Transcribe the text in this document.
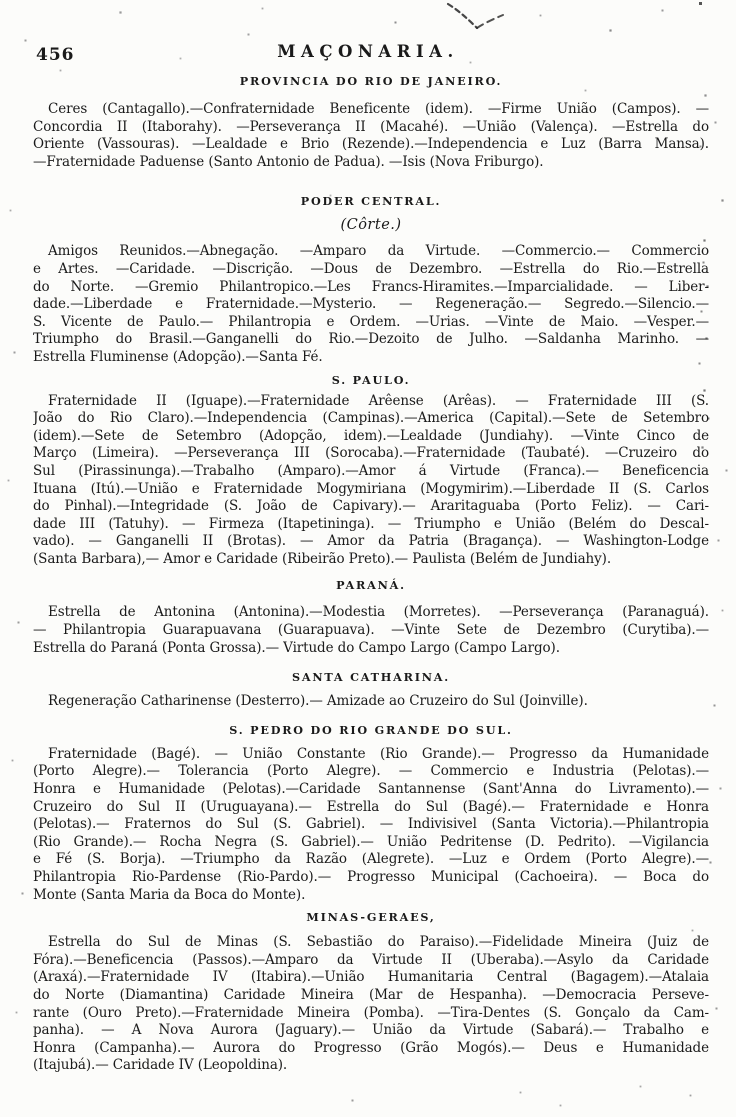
456	MAÇONARIA.
PROVINCIA DO RIO DE JANEIRO.
Ceres (Cantagallo).—Confraternidade Beneficente (idem). —Firme União (Campos). —
Concordia II (Itaborahy). —Perseverança II (Macahé). —União (Valença). —Estrella do
Oriente (Vassouras). —Lealdade e Brio (Rezende).—Independencia e Luz (Barra Mansa).
—Fraternidade Paduense (Santo Antonio de Padua). —Isis (Nova Friburgo).
PODER CENTRAL.
(Côrte.)
Amigos Reunidos.—Abnegação. —Amparo da Virtude. —Commercio.— Commercio
e Artes. —Caridade. —Discrição. —Dous de Dezembro. —Estrella do Rio.—Estrella
do Norte. —Gremio Philantropico.—Les Francs-Hiramites.—Imparcialidade. — Liber-
dade.—Liberdade e Fraternidade.—Mysterio. — Regeneração.— Segredo.—Silencio.—
S. Vicente de Paulo.— Philantropia e Ordem. —Urias. —Vinte de Maio. —Vesper.—
Triumpho do Brasil.—Ganganelli do Rio.—Dezoito de Julho. —Saldanha Marinho. —
Estrella Fluminense (Adopção).—Santa Fé.
S. PAULO.
Fraternidade II (Iguape).—Fraternidade Arêense (Arêas). — Fraternidade III (S.
João do Rio Claro).—Independencia (Campinas).—America (Capital).—Sete de Setembro
(idem).—Sete de Setembro (Adopção, idem).—Lealdade (Jundiahy). —Vinte Cinco de
Março (Limeira). —Perseverança III (Sorocaba).—Fraternidade (Taubaté). —Cruzeiro do
Sul (Pirassinunga).—Trabalho (Amparo).—Amor á Virtude (Franca).— Beneficencia
Ituana (Itú).—União e Fraternidade Mogymiriana (Mogymirim).—Liberdade II (S. Carlos
do Pinhal).—Integridade (S. João de Capivary).— Araritaguaba (Porto Feliz). — Cari-
dade III (Tatuhy). — Firmeza (Itapetininga). — Triumpho e União (Belém do Descal-
vado). — Ganganelli II (Brotas). — Amor da Patria (Bragança). — Washington-Lodge
(Santa Barbara),— Amor e Caridade (Ribeirão Preto).— Paulista (Belém de Jundiahy).
PARANÁ.
Estrella de Antonina (Antonina).—Modestia (Morretes). —Perseverança (Paranaguá).
— Philantropia Guarapuavana (Guarapuava). —Vinte Sete de Dezembro (Curytiba).—
Estrella do Paraná (Ponta Grossa).— Virtude do Campo Largo (Campo Largo).
SANTA CATHARINA.
Regeneração Catharinense (Desterro).— Amizade ao Cruzeiro do Sul (Joinville).
S. PEDRO DO RIO GRANDE DO SUL.
Fraternidade (Bagé). — União Constante (Rio Grande).— Progresso da Humanidade
(Porto Alegre).— Tolerancia (Porto Alegre). — Commercio e Industria (Pelotas).—
Honra e Humanidade (Pelotas).—Caridade Santannense (Sant'Anna do Livramento).—
Cruzeiro do Sul II (Uruguayana).— Estrella do Sul (Bagé).— Fraternidade e Honra
(Pelotas).— Fraternos do Sul (S. Gabriel). — Indivisivel (Santa Victoria).—Philantropia
(Rio Grande).— Rocha Negra (S. Gabriel).— União Pedritense (D. Pedrito). —Vigilancia
e Fé (S. Borja). —Triumpho da Razão (Alegrete). —Luz e Ordem (Porto Alegre).—
Philantropia Rio-Pardense (Rio-Pardo).— Progresso Municipal (Cachoeira). — Boca do
Monte (Santa Maria da Boca do Monte).
MINAS-GERAES,
Estrella do Sul de Minas (S. Sebastião do Paraiso).—Fidelidade Mineira (Juiz de
Fóra).—Beneficencia (Passos).—Amparo da Virtude II (Uberaba).—Asylo da Caridade
(Araxá).—Fraternidade IV (Itabira).—União Humanitaria Central (Bagagem).—Atalaia
do Norte (Diamantina) Caridade Mineira (Mar de Hespanha). —Democracia Perseve-
rante (Ouro Preto).—Fraternidade Mineira (Pomba). —Tira-Dentes (S. Gonçalo da Cam-
panha). — A Nova Aurora (Jaguary).— União da Virtude (Sabará).— Trabalho e
Honra (Campanha).— Aurora do Progresso (Grão Mogós).— Deus e Humanidade
(Itajubá).— Caridade IV (Leopoldina).
